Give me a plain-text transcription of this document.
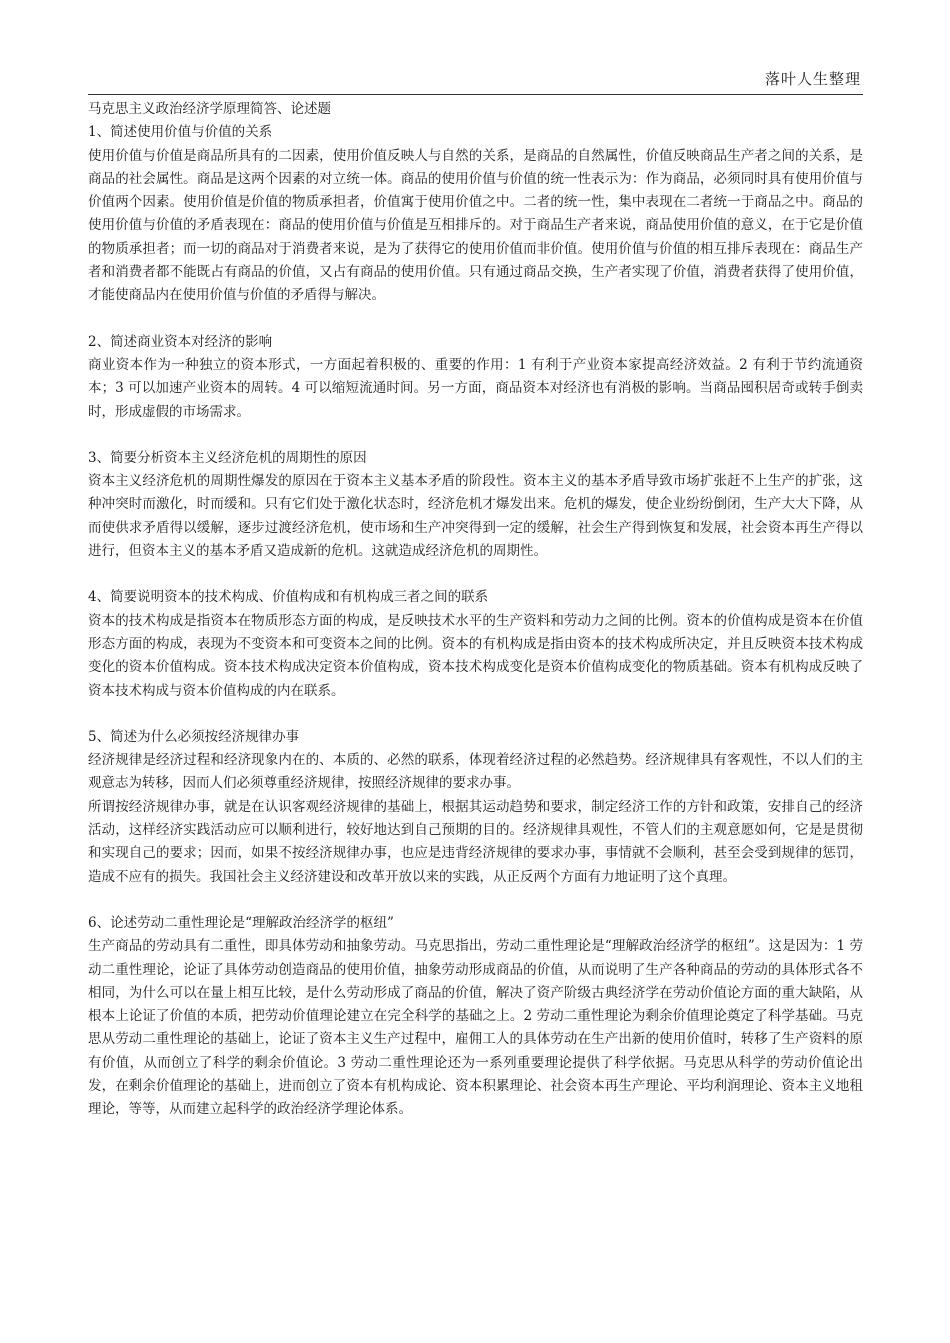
落叶人生整理

马克思主义政治经济学原理简答、论述题

1、简述使用价值与价值的关系

使用价值与价值是商品所具有的二因素，使用价值反映人与自然的关系，是商品的自然属性，价值反映商品生产者之间的关系，是商品的社会属性。商品是这两个因素的对立统一体。商品的使用价值与价值的统一性表示为：作为商品，必须同时具有使用价值与价值两个因素。使用价值是价值的物质承担者，价值寓于使用价值之中。二者的统一性，集中表现在二者统一于商品之中。商品的使用价值与价值的矛盾表现在：商品的使用价值与价值是互相排斥的。对于商品生产者来说，商品使用价值的意义，在于它是价值的物质承担者；而一切的商品对于消费者来说，是为了获得它的使用价值而非价值。使用价值与价值的相互排斥表现在：商品生产者和消费者都不能既占有商品的价值，又占有商品的使用价值。只有通过商品交换，生产者实现了价值，消费者获得了使用价值，才能使商品内在使用价值与价值的矛盾得与解决。

2、简述商业资本对经济的影响

商业资本作为一种独立的资本形式，一方面起着积极的、重要的作用：1 有利于产业资本家提高经济效益。2 有利于节约流通资本；3 可以加速产业资本的周转。4 可以缩短流通时间。另一方面，商品资本对经济也有消极的影响。当商品囤积居奇或转手倒卖时，形成虚假的市场需求。

3、简要分析资本主义经济危机的周期性的原因

资本主义经济危机的周期性爆发的原因在于资本主义基本矛盾的阶段性。资本主义的基本矛盾导致市场扩张赶不上生产的扩张，这种冲突时而激化，时而缓和。只有它们处于激化状态时，经济危机才爆发出来。危机的爆发，使企业纷纷倒闭，生产大大下降，从而使供求矛盾得以缓解，逐步过渡经济危机，使市场和生产冲突得到一定的缓解，社会生产得到恢复和发展，社会资本再生产得以进行，但资本主义的基本矛盾又造成新的危机。这就造成经济危机的周期性。

4、简要说明资本的技术构成、价值构成和有机构成三者之间的联系

资本的技术构成是指资本在物质形态方面的构成，是反映技术水平的生产资料和劳动力之间的比例。资本的价值构成是资本在价值形态方面的构成，表现为不变资本和可变资本之间的比例。资本的有机构成是指由资本的技术构成所决定，并且反映资本技术构成变化的资本价值构成。资本技术构成决定资本价值构成，资本技术构成变化是资本价值构成变化的物质基础。资本有机构成反映了资本技术构成与资本价值构成的内在联系。

5、简述为什么必须按经济规律办事

经济规律是经济过程和经济现象内在的、本质的、必然的联系，体现着经济过程的必然趋势。经济规律具有客观性，不以人们的主观意志为转移，因而人们必须尊重经济规律，按照经济规律的要求办事。

所谓按经济规律办事，就是在认识客观经济规律的基础上，根据其运动趋势和要求，制定经济工作的方针和政策，安排自己的经济活动，这样经济实践活动应可以顺利进行，较好地达到自己预期的目的。经济规律具观性，不管人们的主观意愿如何，它是是贯彻和实现自己的要求；因而，如果不按经济规律办事，也应是违背经济规律的要求办事，事情就不会顺利，甚至会受到规律的惩罚，造成不应有的损失。我国社会主义经济建设和改革开放以来的实践，从正反两个方面有力地证明了这个真理。

6、论述劳动二重性理论是“理解政治经济学的枢纽”

生产商品的劳动具有二重性，即具体劳动和抽象劳动。马克思指出，劳动二重性理论是“理解政治经济学的枢纽”。这是因为：1 劳动二重性理论，论证了具体劳动创造商品的使用价值，抽象劳动形成商品的价值，从而说明了生产各种商品的劳动的具体形式各不相同，为什么可以在量上相互比较，是什么劳动形成了商品的价值，解决了资产阶级古典经济学在劳动价值论方面的重大缺陷，从根本上论证了价值的本质，把劳动价值理论建立在完全科学的基础之上。2 劳动二重性理论为剩余价值理论奠定了科学基础。马克思从劳动二重性理论的基础上，论证了资本主义生产过程中，雇佣工人的具体劳动在生产出新的使用价值时，转移了生产资料的原有价值，从而创立了科学的剩余价值论。3 劳动二重性理论还为一系列重要理论提供了科学依据。马克思从科学的劳动价值论出发，在剩余价值理论的基础上，进而创立了资本有机构成论、资本积累理论、社会资本再生产理论、平均利润理论、资本主义地租理论，等等，从而建立起科学的政治经济学理论体系。
